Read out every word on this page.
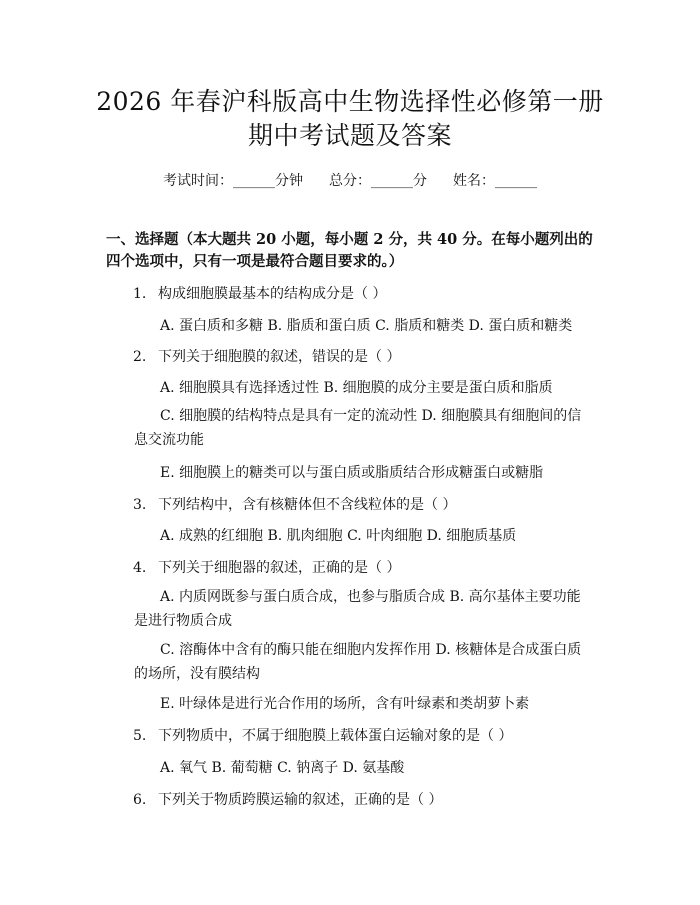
2026 年春沪科版高中生物选择性必修第一册
期中考试题及答案
考试时间：______分钟 总分：______分 姓名：______
一、选择题（本大题共 20 小题，每小题 2 分，共 40 分。在每小题列出的四个选项中，只有一项是最符合题目要求的。）
1. 构成细胞膜最基本的结构成分是（ ）
A. 蛋白质和多糖 B. 脂质和蛋白质 C. 脂质和糖类 D. 蛋白质和糖类
2. 下列关于细胞膜的叙述，错误的是（ ）
A. 细胞膜具有选择透过性 B. 细胞膜的成分主要是蛋白质和脂质
C. 细胞膜的结构特点是具有一定的流动性 D. 细胞膜具有细胞间的信息交流功能
E. 细胞膜上的糖类可以与蛋白质或脂质结合形成糖蛋白或糖脂
3. 下列结构中，含有核糖体但不含线粒体的是（ ）
A. 成熟的红细胞 B. 肌肉细胞 C. 叶肉细胞 D. 细胞质基质
4. 下列关于细胞器的叙述，正确的是（ ）
A. 内质网既参与蛋白质合成，也参与脂质合成 B. 高尔基体主要功能是进行物质合成
C. 溶酶体中含有的酶只能在细胞内发挥作用 D. 核糖体是合成蛋白质的场所，没有膜结构
E. 叶绿体是进行光合作用的场所，含有叶绿素和类胡萝卜素
5. 下列物质中，不属于细胞膜上载体蛋白运输对象的是（ ）
A. 氧气 B. 葡萄糖 C. 钠离子 D. 氨基酸
6. 下列关于物质跨膜运输的叙述，正确的是（ ）
